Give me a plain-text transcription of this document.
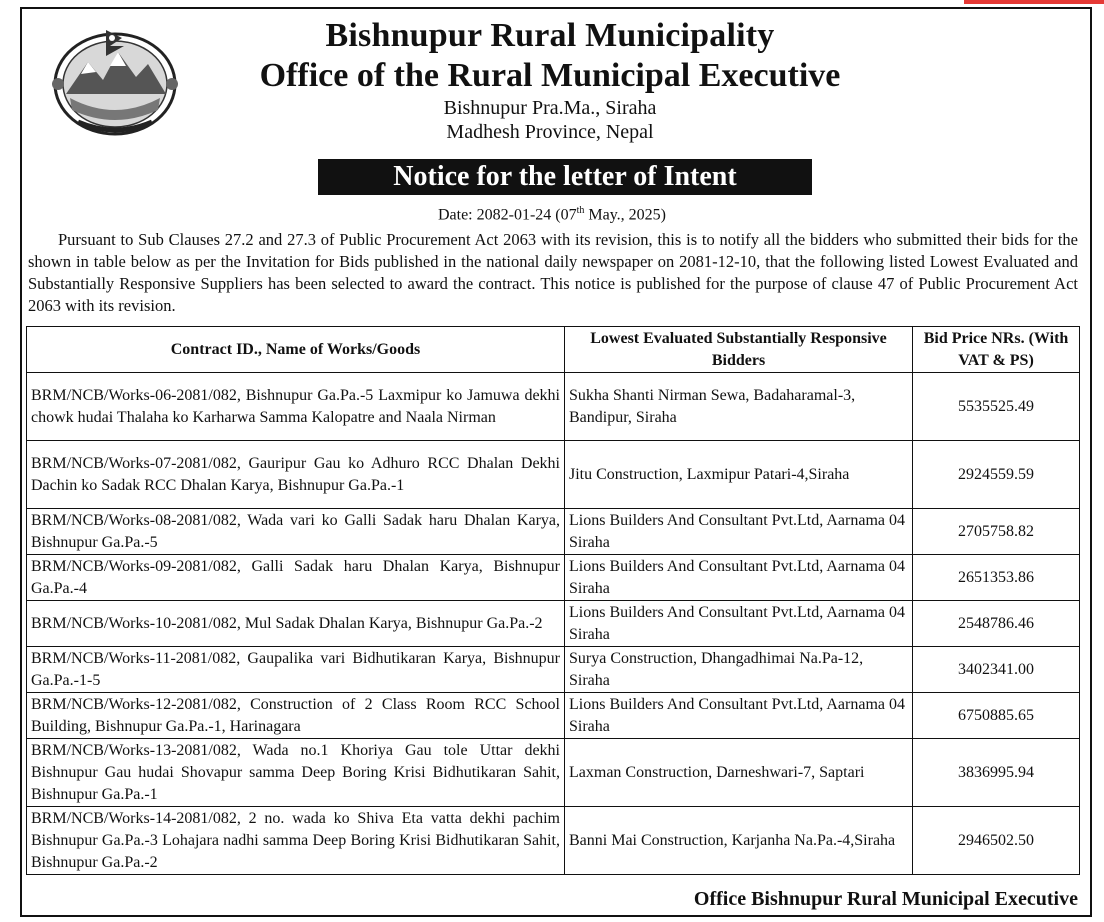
Bishnupur Rural Municipality
Office of the Rural Municipal Executive
Bishnupur Pra.Ma., Siraha
Madhesh Province, Nepal
Notice for the letter of Intent
Date: 2082-01-24 (07th May., 2025)
Pursuant to Sub Clauses 27.2 and 27.3 of Public Procurement Act 2063 with its revision, this is to notify all the bidders who submitted their bids for the shown in table below as per the Invitation for Bids published in the national daily newspaper on 2081-12-10, that the following listed Lowest Evaluated and Substantially Responsive Suppliers has been selected to award the contract. This notice is published for the purpose of clause 47 of Public Procurement Act 2063 with its revision.
Contract ID., Name of Works/Goods	Lowest Evaluated Substantially Responsive Bidders	Bid Price NRs. (With VAT & PS)
BRM/NCB/Works-06-2081/082, Bishnupur Ga.Pa.-5 Laxmipur ko Jamuwa dekhi chowk hudai Thalaha ko Karharwa Samma Kalopatre and Naala Nirman	Sukha Shanti Nirman Sewa, Badaharamal-3, Bandipur, Siraha	5535525.49
BRM/NCB/Works-07-2081/082, Gauripur Gau ko Adhuro RCC Dhalan Dekhi Dachin ko Sadak RCC Dhalan Karya, Bishnupur Ga.Pa.-1	Jitu Construction, Laxmipur Patari-4,Siraha	2924559.59
BRM/NCB/Works-08-2081/082, Wada vari ko Galli Sadak haru Dhalan Karya, Bishnupur Ga.Pa.-5	Lions Builders And Consultant Pvt.Ltd, Aarnama 04 Siraha	2705758.82
BRM/NCB/Works-09-2081/082, Galli Sadak haru Dhalan Karya, Bishnupur Ga.Pa.-4	Lions Builders And Consultant Pvt.Ltd, Aarnama 04 Siraha	2651353.86
BRM/NCB/Works-10-2081/082, Mul Sadak Dhalan Karya, Bishnupur Ga.Pa.-2	Lions Builders And Consultant Pvt.Ltd, Aarnama 04 Siraha	2548786.46
BRM/NCB/Works-11-2081/082, Gaupalika vari Bidhutikaran Karya, Bishnupur Ga.Pa.-1-5	Surya Construction, Dhangadhimai Na.Pa-12, Siraha	3402341.00
BRM/NCB/Works-12-2081/082, Construction of 2 Class Room RCC School Building, Bishnupur Ga.Pa.-1, Harinagara	Lions Builders And Consultant Pvt.Ltd, Aarnama 04 Siraha	6750885.65
BRM/NCB/Works-13-2081/082, Wada no.1 Khoriya Gau tole Uttar dekhi Bishnupur Gau hudai Shovapur samma Deep Boring Krisi Bidhutikaran Sahit, Bishnupur Ga.Pa.-1	Laxman Construction, Darneshwari-7, Saptari	3836995.94
BRM/NCB/Works-14-2081/082, 2 no. wada ko Shiva Eta vatta dekhi pachim Bishnupur Ga.Pa.-3 Lohajara nadhi samma Deep Boring Krisi Bidhutikaran Sahit, Bishnupur Ga.Pa.-2	Banni Mai Construction, Karjanha Na.Pa.-4,Siraha	2946502.50
Office Bishnupur Rural Municipal Executive
